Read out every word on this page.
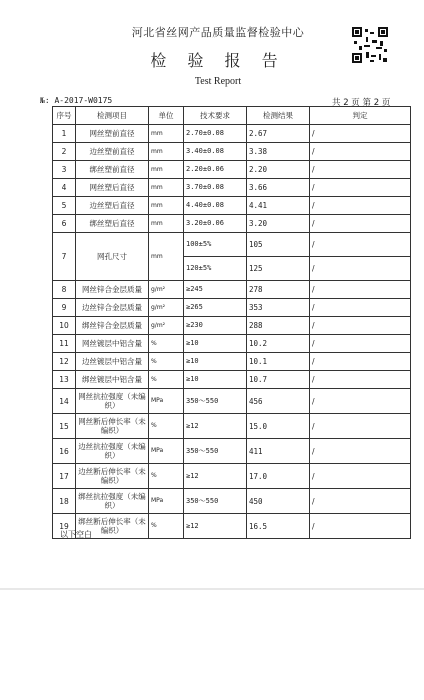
河北省丝网产品质量监督检验中心
检 验 报 告
Test Report
№: A-2017-W0175	共 2 页 第 2 页
序号	检测项目	单位	技术要求	检测结果	判定
1	网丝塑前直径	mm	2.70±0.08	2.67	/
2	边丝塑前直径	mm	3.40±0.08	3.38	/
3	绑丝塑前直径	mm	2.20±0.06	2.20	/
4	网丝塑后直径	mm	3.70±0.08	3.66	/
5	边丝塑后直径	mm	4.40±0.08	4.41	/
6	绑丝塑后直径	mm	3.20±0.06	3.20	/
7	网孔尺寸	mm	100±5%	105	/
			120±5%	125	/
8	网丝锌合金层质量	g/m²	≥245	278	/
9	边丝锌合金层质量	g/m²	≥265	353	/
10	绑丝锌合金层质量	g/m²	≥230	288	/
11	网丝镀层中铝含量	%	≥10	10.2	/
12	边丝镀层中铝含量	%	≥10	10.1	/
13	绑丝镀层中铝含量	%	≥10	10.7	/
14	网丝抗拉强度（未编织）	MPa	350～550	456	/
15	网丝断后伸长率（未编织）	%	≥12	15.0	/
16	边丝抗拉强度（未编织）	MPa	350～550	411	/
17	边丝断后伸长率（未编织）	%	≥12	17.0	/
18	绑丝抗拉强度（未编织）	MPa	350～550	450	/
19	绑丝断后伸长率（未编织）	%	≥12	16.5	/
以下空白
